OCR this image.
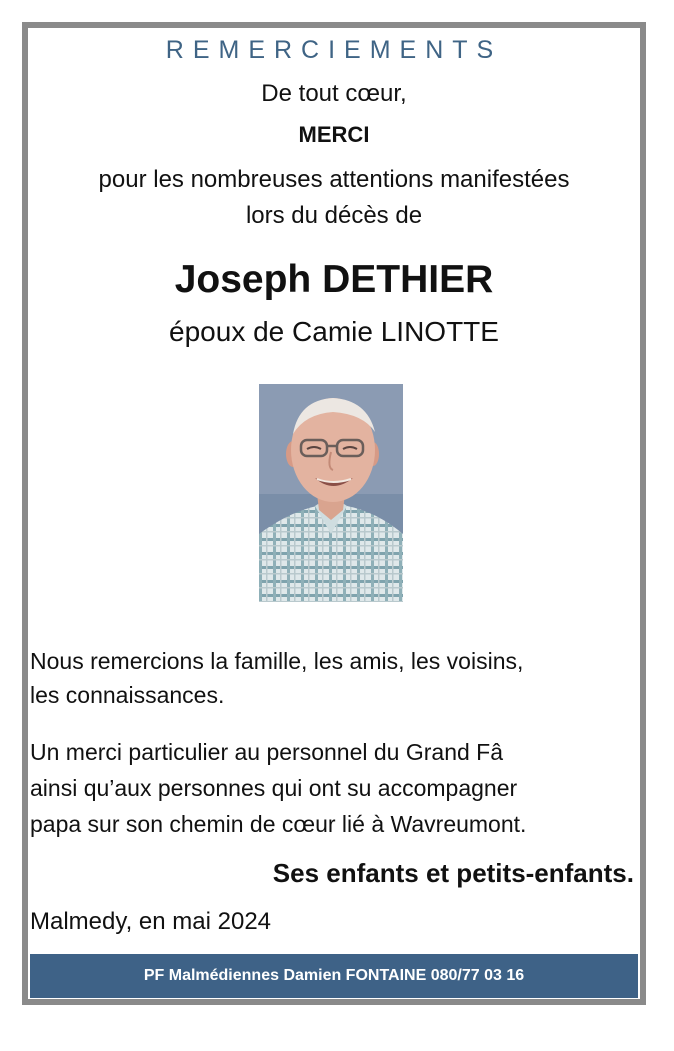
REMERCIEMENTS
De tout cœur,
MERCI
pour les nombreuses attentions manifestées
lors du décès de
Joseph DETHIER
époux de Camie LINOTTE
Nous remercions la famille, les amis, les voisins,
les connaissances.
Un merci particulier au personnel du Grand Fâ
ainsi qu’aux personnes qui ont su accompagner
papa sur son chemin de cœur lié à Wavreumont.
Ses enfants et petits-enfants.
Malmedy, en mai 2024
PF Malmédiennes Damien FONTAINE 080/77 03 16
